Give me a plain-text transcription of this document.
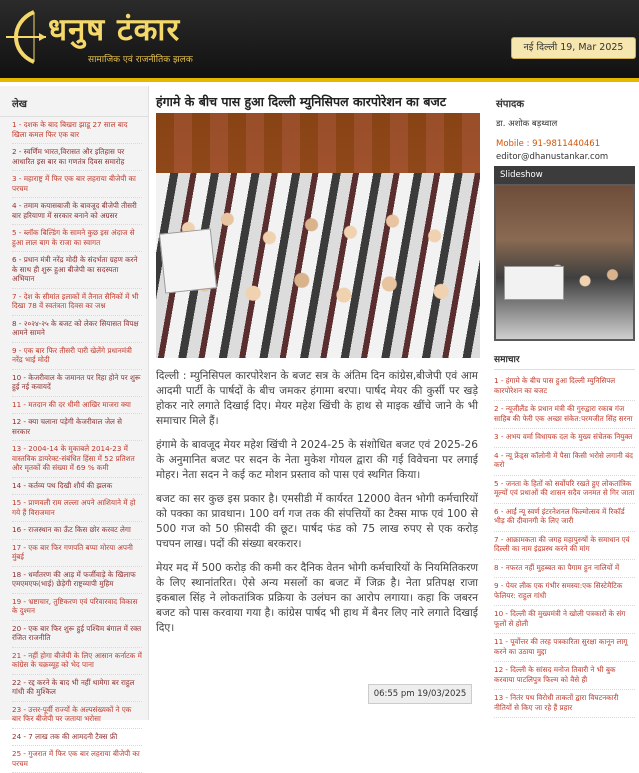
धनुष टंकार
सामाजिक एवं राजनीतिक झलक
नई दिल्ली 19, Mar 2025
लेख
1 - दशक के बाद बिखरा झाडू 27 साल बाद खिला कमल फिर एक बार
2 - स्वर्णिम भारत,विरासत और इतिहास पर आधारित इस बार का गणतंत्र दिवस समारोह
3 - महाराष्ट्र में फिर एक बार लहराया बीजेपी का परचम
4 - तमाम कयासबाजी के बावजूद बीजेपी तीसरी बार हरियाणा में सरकार बनाने को अग्रसर
5 - ब्लॉक बिल्डिंग के सामने कुछ इस अंदाज से हुआ लाल बाग के राजा का स्वागत
6 - प्रधान मंत्री नरेंद्र मोदी के संदर्भता ग्रहण करने के साथ ही शुरू हुआ बीजेपी का सदस्यता अभियान
7 - देश के सीमांत इलाकों में तैनात सैनिकों में भी दिखा 78 वें स्वतंत्रता दिवस का जश्न
8 - २०२४-२५ के बजट को लेकर सियासत विपक्ष आमने सामने
9 - एक बार फिर तीसरी पारी खेलेंगे प्रधानमंत्री नरेंद्र भाई मोदी
10 - केजरीवाल के जमानत पर रिहा होने पर शुरू हुई नई कवायदें
11 - मतदान की दर धीमी आखिर माजरा क्या
12 - क्या चलाना पड़ेगी केजरीवाल जेल से सरकार
13 - 2004-14 के मुकाबले 2014-23 में वास्तविक डायरेक्ट-संबंधित हिंसा में 52 प्रतिशत और मृतकों की संख्या में 69 % कमी
14 - कर्तव्य पथ दिखी शौर्य की झलक
15 - प्राणवली राम लल्ला अपने आशियाने में हो गये हैं विराजमान
16 - राजस्थान का ऊँट किस छोर करवट लेगा
17 - एक बार फिर गणपति बप्पा मोरया अपनी मुंबई
18 - धर्मांतरण की आड़ में फर्जीवाड़े के खिलाफ एमएमएफ(भाई) छेड़ेगी राष्ट्रव्यापी मुहिम
19 - भ्रष्टाचार, तुष्टिकरण एवं परिवारवाद विकास के दुश्मन
20 - एक बार फिर शुरू हुई पश्चिम बंगाल में रक्त रंजित राजनीति
21 - नहीं होगा बीजेपी के लिए आसान कर्नाटक में कांग्रेस के चक्रव्यूह को भेद पाना
22 - रद्द करने के बाद भी नहीं थामेगा बर राहुल गांधी की मुश्किल
23 - उत्तर-पूर्वी राज्यों के अल्पसंख्यकों ने एक बार फिर बीजेपी पर जताया भरोसा
24 - 7 लाख तक की आमदनी टैक्स फ्री
25 - गुजरात में फिर एक बार लहराया बीजेपी का परचम
हंगामे के बीच पास हुआ दिल्ली म्युनिसिपल कारपोरेशन का बजट

दिल्ली : म्युनिसिपल कारपोरेशन के बजट सत्र के अंतिम दिन कांग्रेस,बीजेपी एवं आम आदमी पार्टी के पार्षदों के बीच जमकर हंगामा बरपा। पार्षद मेयर की कुर्सी पर खड़े होकर नारे लगाते दिखाई दिए। मेयर महेश खिंची के हाथ से माइक खींचे जाने के भी समाचार मिले हैं।

हंगामे के बावजूद मेयर महेश खिंची ने 2024-25 के संशोधित बजट एवं 2025-26 के अनुमानित बजट पर सदन के नेता मुकेश गोयल द्वारा की गई विवेचना पर लगाई मोहर। नेता सदन ने कई कट मोशन प्रस्ताव को पास एवं स्थगित किया।

बजट का सर कुछ इस प्रकार है। एमसीडी में कार्यरत 12000 वेतन भोगी कर्मचारियों को पक्का का प्रावधान। 100 वर्ग गज तक की संपत्तियों का टैक्स माफ एवं 100 से 500 गज को 50 फ़ीसदी की छूट। पार्षद फंड को 75 लाख रुपए से एक करोड़ पचपन लाख। पदों की संख्या बरकरार।

मेयर मद में 500 करोड़ की कमी कर दैनिक वेतन भोगी कर्मचारियों के नियमितिकरण के लिए स्थानांतरित। ऐसे अन्य मसलों का बजट में जिक्र है। नेता प्रतिपक्ष राजा इकबाल सिंह ने लोकतांत्रिक प्रक्रिया के उलंघन का आरोप लगाया। कहा कि जबरन बजट को पास करवाया गया है। कांग्रेस पार्षद भी हाथ में बैनर लिए नारे लगाते दिखाई दिए।

06:55 pm 19/03/2025
संपादक
डा. अशोक बड़थ्वाल
Mobile : 91-9811440461
editor@dhanustankar.com
Slideshow
समाचार
1 - हंगामे के बीच पास हुआ दिल्ली म्युनिसिपल कारपोरेशन का बजट
2 - न्यूजीलैंड के प्रधान मंत्री की गुरुद्वारा रकाब गंज साहिब की फेरी एक अच्छा संकेत:परमजीत सिंह सरना
3 - अभय वर्मा विधायक दल के मुख्य संचेतक नियुक्त
4 - न्यू फ्रेंड्स कॉलोनी में पैसा किसी भरोसे लगानी बंद करो
5 - जनता के हितों को सर्वोपरि रखते हुए लोकतांत्रिक मूल्यों एवं प्रथाओं की शासन सदैव जनमत से गिर जाता
6 - आईं न्यू स्वर्ण इंटरनेशनल फिल्मोत्सव में रिकॉर्ड भीड़ की दीवानगी के लिए जारी
7 - आक्रामकता की जगह महापुरुषों के समाधान एवं दिल्ली का नाम इंद्रप्रस्थ करने की मांग
8 - नफरत नहीं मुहब्बत का पैगाम हुन नालियों में
9 - पेयर लीक एक गंभीर समस्या:एक सिस्टेमैटिक फेलियर: राहुल गांधी
10 - दिल्ली की मुख्यमंत्री ने खोली पत्रकारों के संग फूलों से होली
11 - पूर्वोत्तर की तरह पत्रकारिता सुरक्षा कानून लागू करने का उठाया मुद्दा
12 - दिल्ली के सांसद मनोज तिवारी ने भी बुक करवाया पाटलिपुत्र फिल्म को वैसे ही
13 - नितंर पथ विरोधी ताकतों द्वारा विघटनकारी नीतियों से किए जा रहे हैं प्रहार
